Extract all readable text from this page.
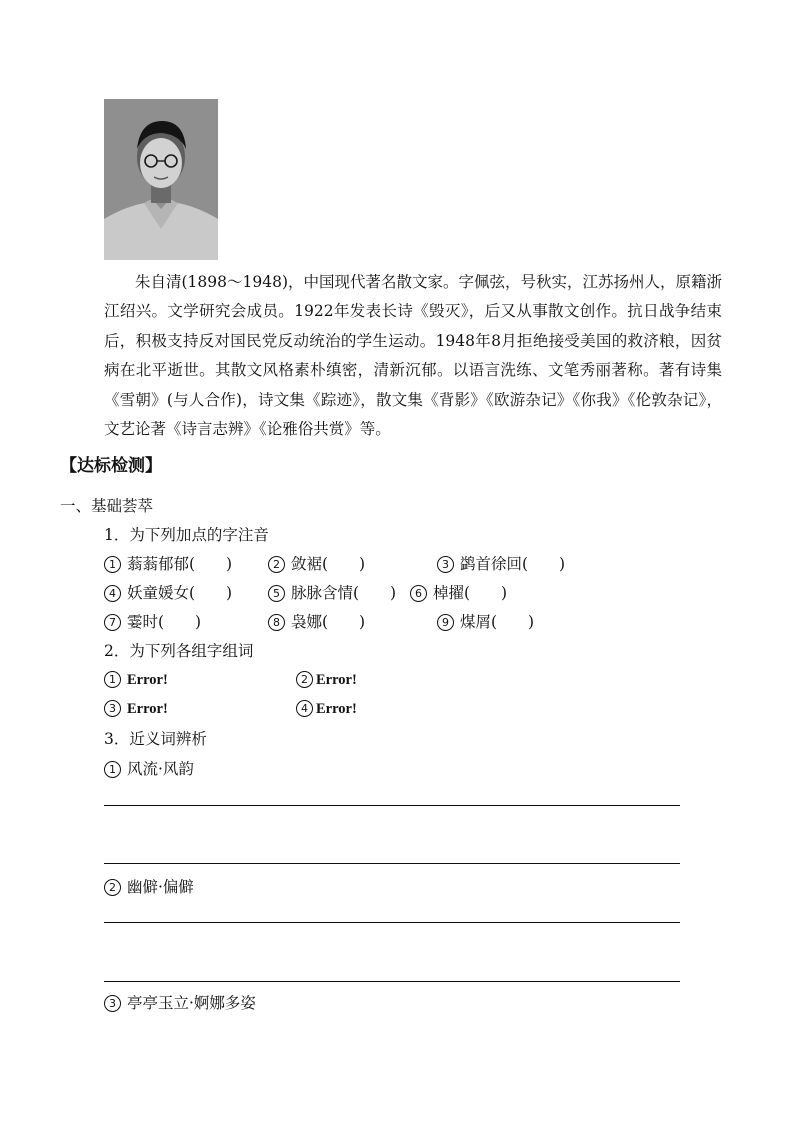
朱自清(1898～1948)，中国现代著名散文家。字佩弦，号秋实，江苏扬州人，原籍浙江绍兴。文学研究会成员。1922年发表长诗《毁灭》，后又从事散文创作。抗日战争结束后，积极支持反对国民党反动统治的学生运动。1948年8月拒绝接受美国的救济粮，因贫病在北平逝世。其散文风格素朴缜密，清新沉郁。以语言洗练、文笔秀丽著称。著有诗集《雪朝》(与人合作)，诗文集《踪迹》，散文集《背影》《欧游杂记》《你我》《伦敦杂记》，文艺论著《诗言志辨》《论雅俗共赏》等。

【达标检测】
一、基础荟萃
1．为下列加点的字注音
1 蓊蓊郁郁(　　)	2 敛裾(　　)	3 鹢首徐回(　　)
4 妖童媛女(　　)	5 脉脉含情(　　)	6 棹擢(　　)
7 霎时(　　)	8 袅娜(　　)	9 煤屑(　　)
2．为下列各组字组词
1 Error!	2 Error!
3 Error!	4 Error!
3．近义词辨析
1 风流·风韵
2 幽僻·偏僻
3 亭亭玉立·婀娜多姿
